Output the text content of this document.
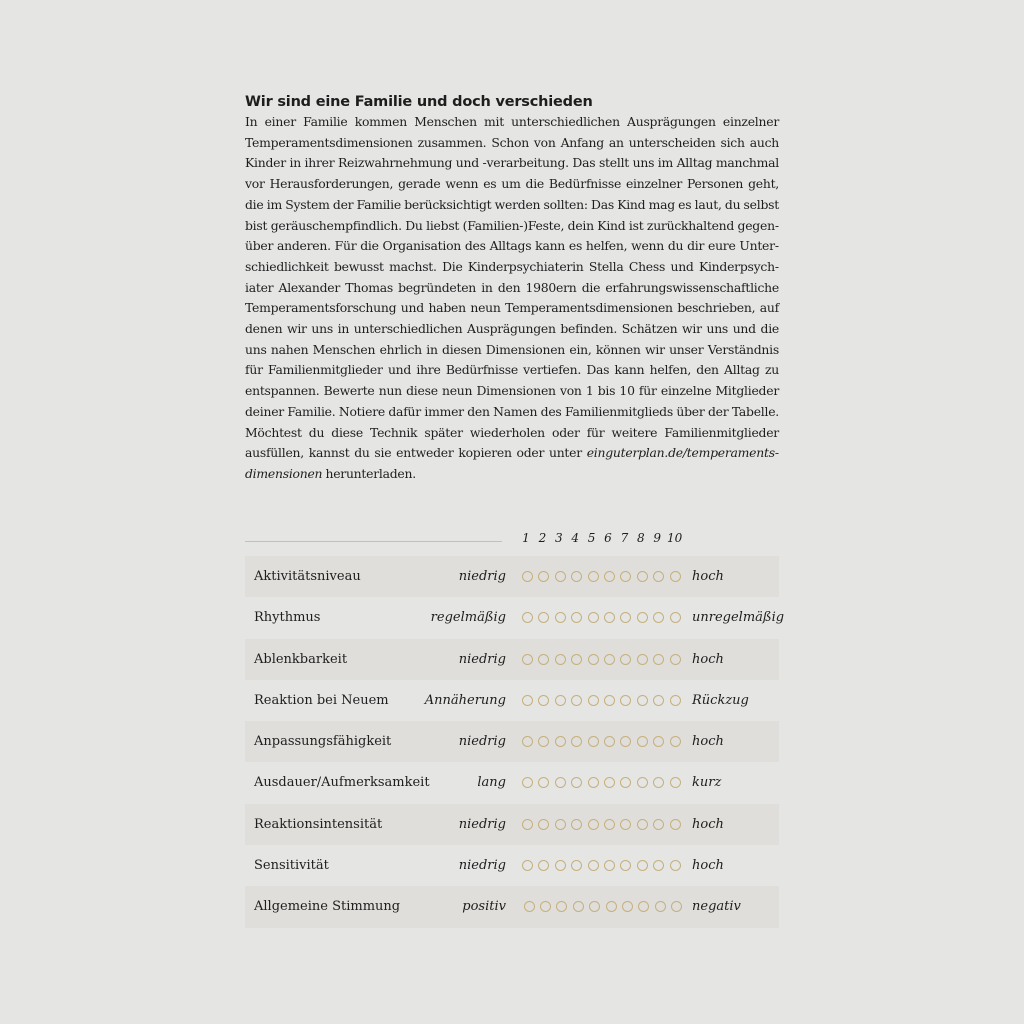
Wir sind eine Familie und doch verschieden

In einer Familie kommen Menschen mit unterschiedlichen Ausprägungen einzelner Temperamentsdimensionen zusammen. Schon von Anfang an unterscheiden sich auch Kinder in ihrer Reizwahrnehmung und -verarbeitung. Das stellt uns im Alltag manchmal vor Herausforderungen, gerade wenn es um die Bedürfnisse einzelner Personen geht, die im System der Familie berücksichtigt werden sollten: Das Kind mag es laut, du selbst bist geräuschempfindlich. Du liebst (Familien-)Feste, dein Kind ist zurückhaltend gegenüber anderen. Für die Organisation des Alltags kann es helfen, wenn du dir eure Unterschiedlichkeit bewusst machst. Die Kinderpsychiaterin Stella Chess und Kinderpsychiater Alexander Thomas begründeten in den 1980ern die erfahrungswissenschaftliche Temperamentsforschung und haben neun Temperamentsdimensionen beschrieben, auf denen wir uns in unterschiedlichen Ausprägungen befinden. Schätzen wir uns und die uns nahen Menschen ehrlich in diesen Dimensionen ein, können wir unser Verständnis für Familienmitglieder und ihre Bedürfnisse vertiefen. Das kann helfen, den Alltag zu entspannen. Bewerte nun diese neun Dimensionen von 1 bis 10 für einzelne Mitglieder deiner Familie. Notiere dafür immer den Namen des Familienmitglieds über der Tabelle. Möchtest du diese Technik später wiederholen oder für weitere Familienmitglieder ausfüllen, kannst du sie entweder kopieren oder unter einguterplan.de/temperamentsdimensionen herunterladen.

1 2 3 4 5 6 7 8 9 10
Aktivitätsniveau	niedrig	hoch
Rhythmus	regelmäßig	unregelmäßig
Ablenkbarkeit	niedrig	hoch
Reaktion bei Neuem	Annäherung	Rückzug
Anpassungsfähigkeit	niedrig	hoch
Ausdauer/Aufmerksamkeit	lang	kurz
Reaktionsintensität	niedrig	hoch
Sensitivität	niedrig	hoch
Allgemeine Stimmung	positiv	negativ
